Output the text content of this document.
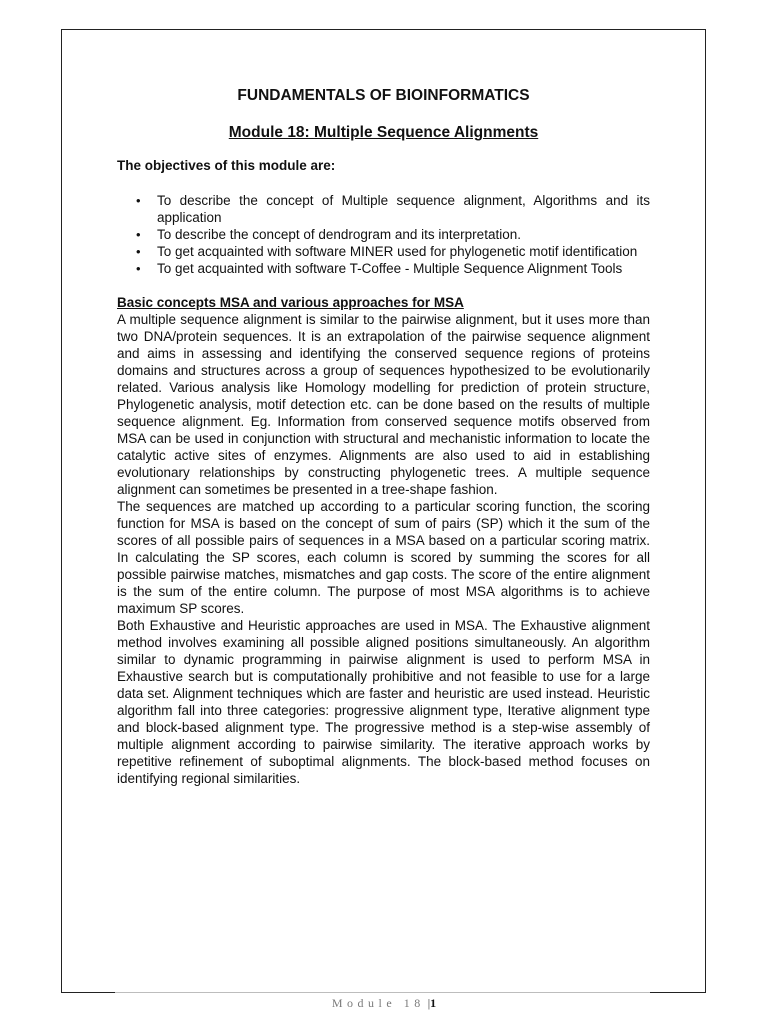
FUNDAMENTALS OF BIOINFORMATICS
Module 18: Multiple Sequence Alignments
The objectives of this module are:
• To describe the concept of Multiple sequence alignment, Algorithms and its application
• To describe the concept of dendrogram and its interpretation.
• To get acquainted with software MINER used for phylogenetic motif identification
• To get acquainted with software T-Coffee - Multiple Sequence Alignment Tools
Basic concepts MSA and various approaches for MSA

A multiple sequence alignment is similar to the pairwise alignment, but it uses more than two DNA/protein sequences. It is an extrapolation of the pairwise sequence alignment and aims in assessing and identifying the conserved sequence regions of proteins domains and structures across a group of sequences hypothesized to be evolutionarily related. Various analysis like Homology modelling for prediction of protein structure, Phylogenetic analysis, motif detection etc. can be done based on the results of multiple sequence alignment. Eg. Information from conserved sequence motifs observed from MSA can be used in conjunction with structural and mechanistic information to locate the catalytic active sites of enzymes. Alignments are also used to aid in establishing evolutionary relationships by constructing phylogenetic trees. A multiple sequence alignment can sometimes be presented in a tree-shape fashion.

The sequences are matched up according to a particular scoring function, the scoring function for MSA is based on the concept of sum of pairs (SP) which it the sum of the scores of all possible pairs of sequences in a MSA based on a particular scoring matrix. In calculating the SP scores, each column is scored by summing the scores for all possible pairwise matches, mismatches and gap costs. The score of the entire alignment is the sum of the entire column. The purpose of most MSA algorithms is to achieve maximum SP scores.

Both Exhaustive and Heuristic approaches are used in MSA. The Exhaustive alignment method involves examining all possible aligned positions simultaneously. An algorithm similar to dynamic programming in pairwise alignment is used to perform MSA in Exhaustive search but is computationally prohibitive and not feasible to use for a large data set. Alignment techniques which are faster and heuristic are used instead. Heuristic algorithm fall into three categories: progressive alignment type, Iterative alignment type and block-based alignment type. The progressive method is a step-wise assembly of multiple alignment according to pairwise similarity. The iterative approach works by repetitive refinement of suboptimal alignments. The block-based method focuses on identifying regional similarities.

Module 18 |1
